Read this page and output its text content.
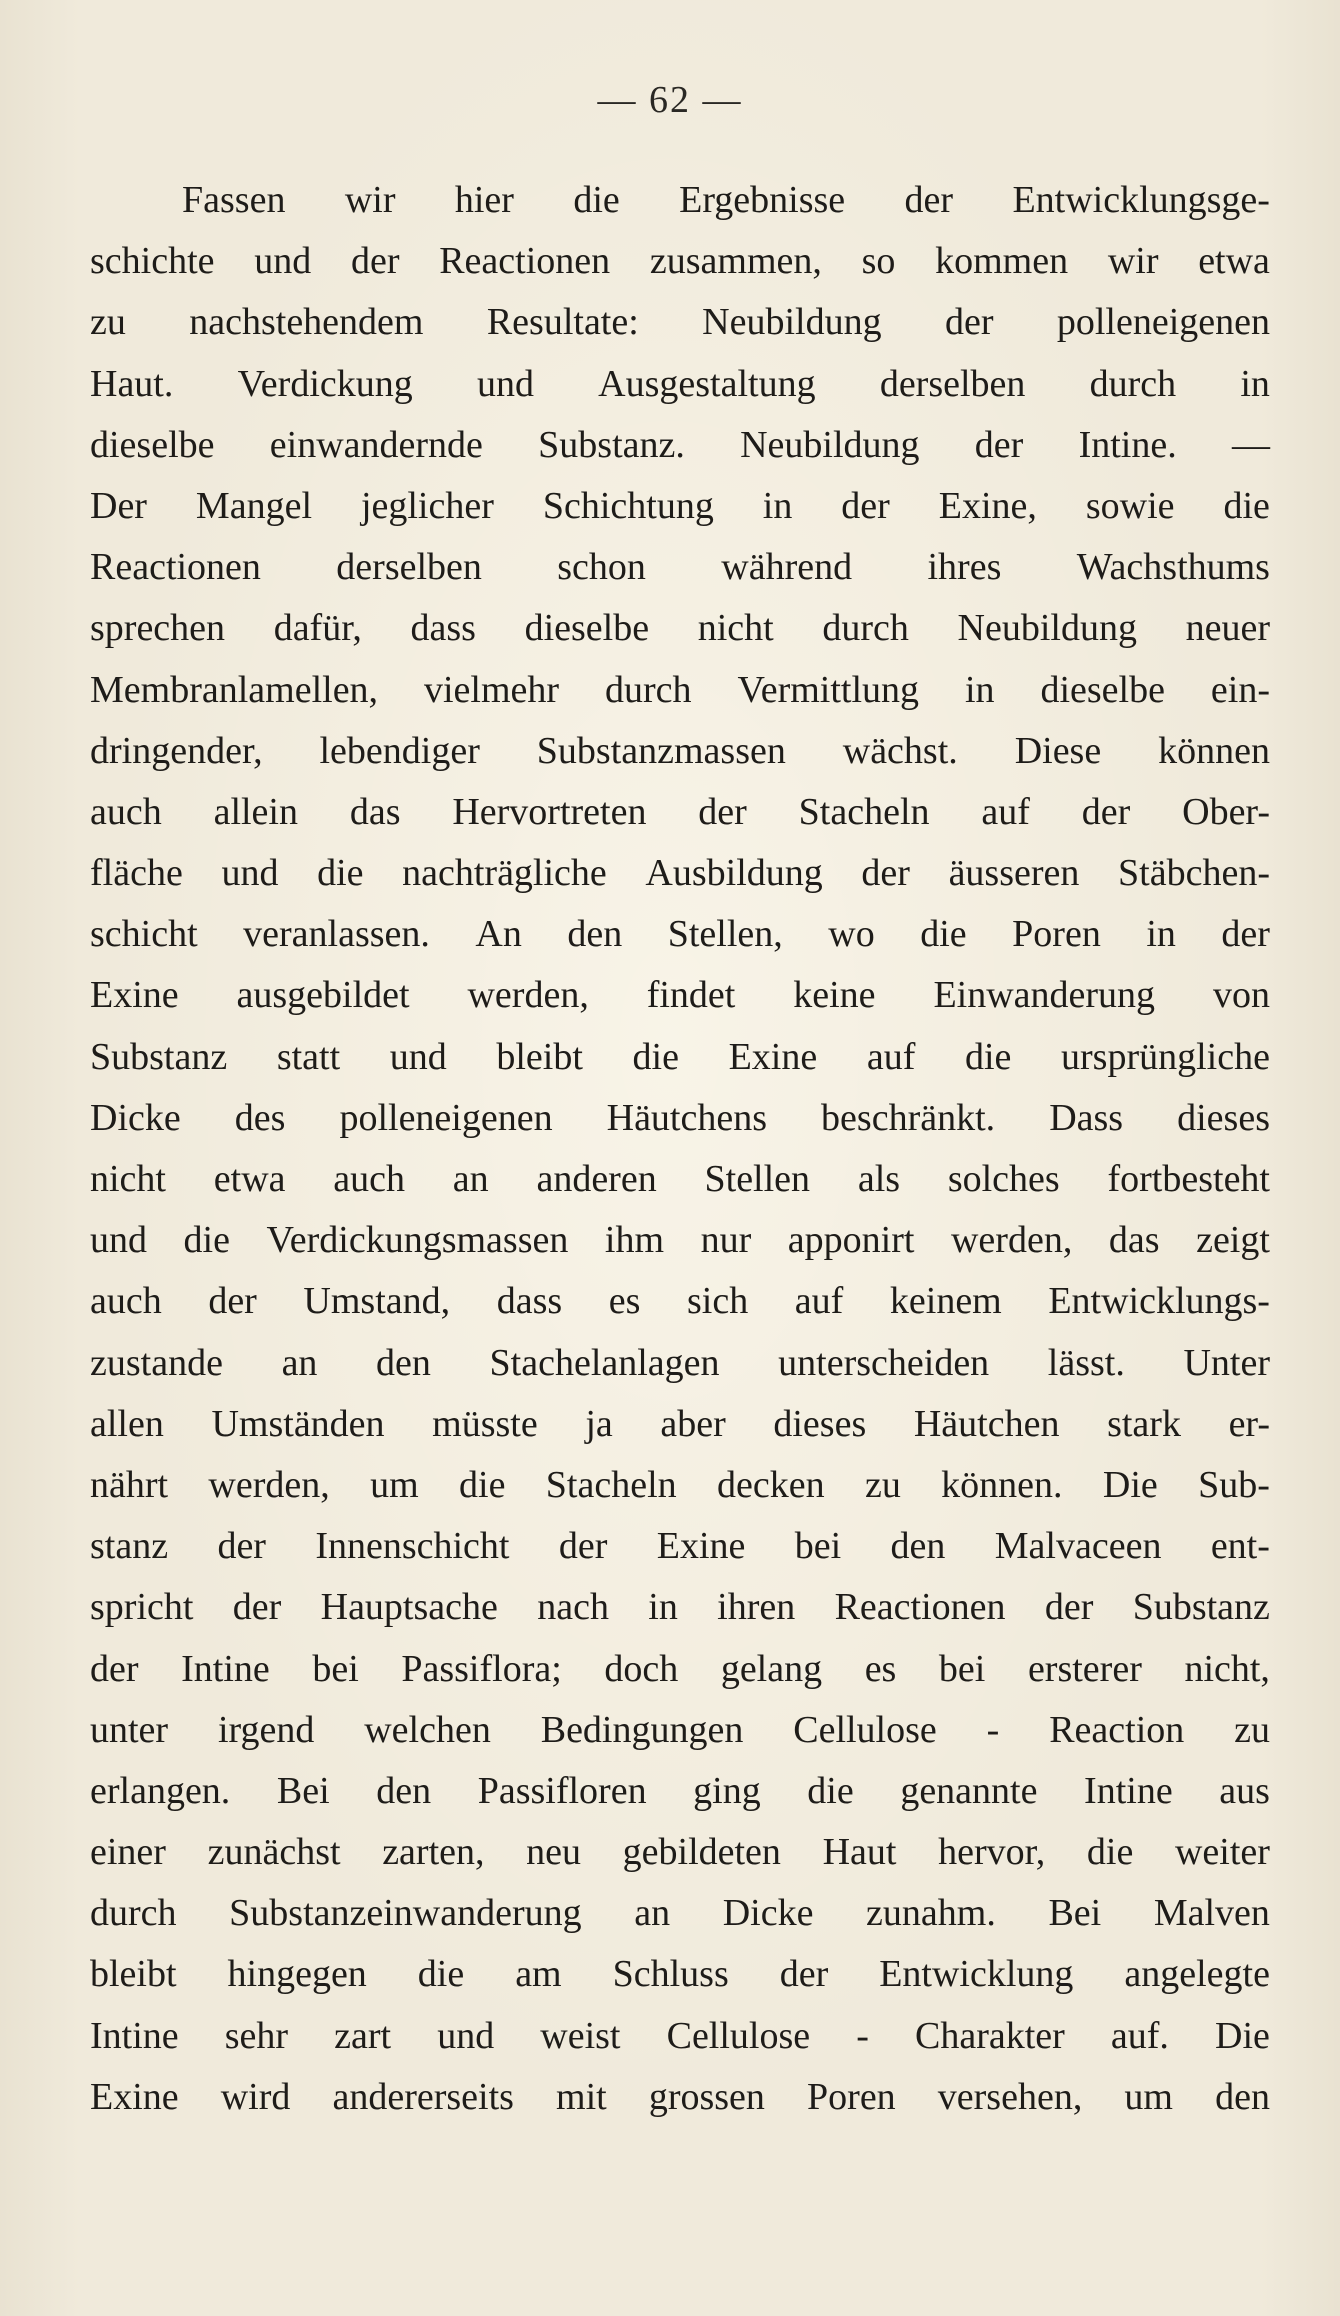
— 62 —
Fassen wir hier die Ergebnisse der Entwicklungsge-
schichte und der Reactionen zusammen, so kommen wir etwa
zu nachstehendem Resultate: Neubildung der polleneigenen
Haut. Verdickung und Ausgestaltung derselben durch in
dieselbe einwandernde Substanz. Neubildung der Intine. —
Der Mangel jeglicher Schichtung in der Exine, sowie die
Reactionen derselben schon während ihres Wachsthums
sprechen dafür, dass dieselbe nicht durch Neubildung neuer
Membranlamellen, vielmehr durch Vermittlung in dieselbe ein-
dringender, lebendiger Substanzmassen wächst. Diese können
auch allein das Hervortreten der Stacheln auf der Ober-
fläche und die nachträgliche Ausbildung der äusseren Stäbchen-
schicht veranlassen. An den Stellen, wo die Poren in der
Exine ausgebildet werden, findet keine Einwanderung von
Substanz statt und bleibt die Exine auf die ursprüngliche
Dicke des polleneigenen Häutchens beschränkt. Dass dieses
nicht etwa auch an anderen Stellen als solches fortbesteht
und die Verdickungsmassen ihm nur apponirt werden, das zeigt
auch der Umstand, dass es sich auf keinem Entwicklungs-
zustande an den Stachelanlagen unterscheiden lässt. Unter
allen Umständen müsste ja aber dieses Häutchen stark er-
nährt werden, um die Stacheln decken zu können. Die Sub-
stanz der Innenschicht der Exine bei den Malvaceen ent-
spricht der Hauptsache nach in ihren Reactionen der Substanz
der Intine bei Passiflora; doch gelang es bei ersterer nicht,
unter irgend welchen Bedingungen Cellulose - Reaction zu
erlangen. Bei den Passifloren ging die genannte Intine aus
einer zunächst zarten, neu gebildeten Haut hervor, die weiter
durch Substanzeinwanderung an Dicke zunahm. Bei Malven
bleibt hingegen die am Schluss der Entwicklung angelegte
Intine sehr zart und weist Cellulose - Charakter auf. Die
Exine wird andererseits mit grossen Poren versehen, um den
